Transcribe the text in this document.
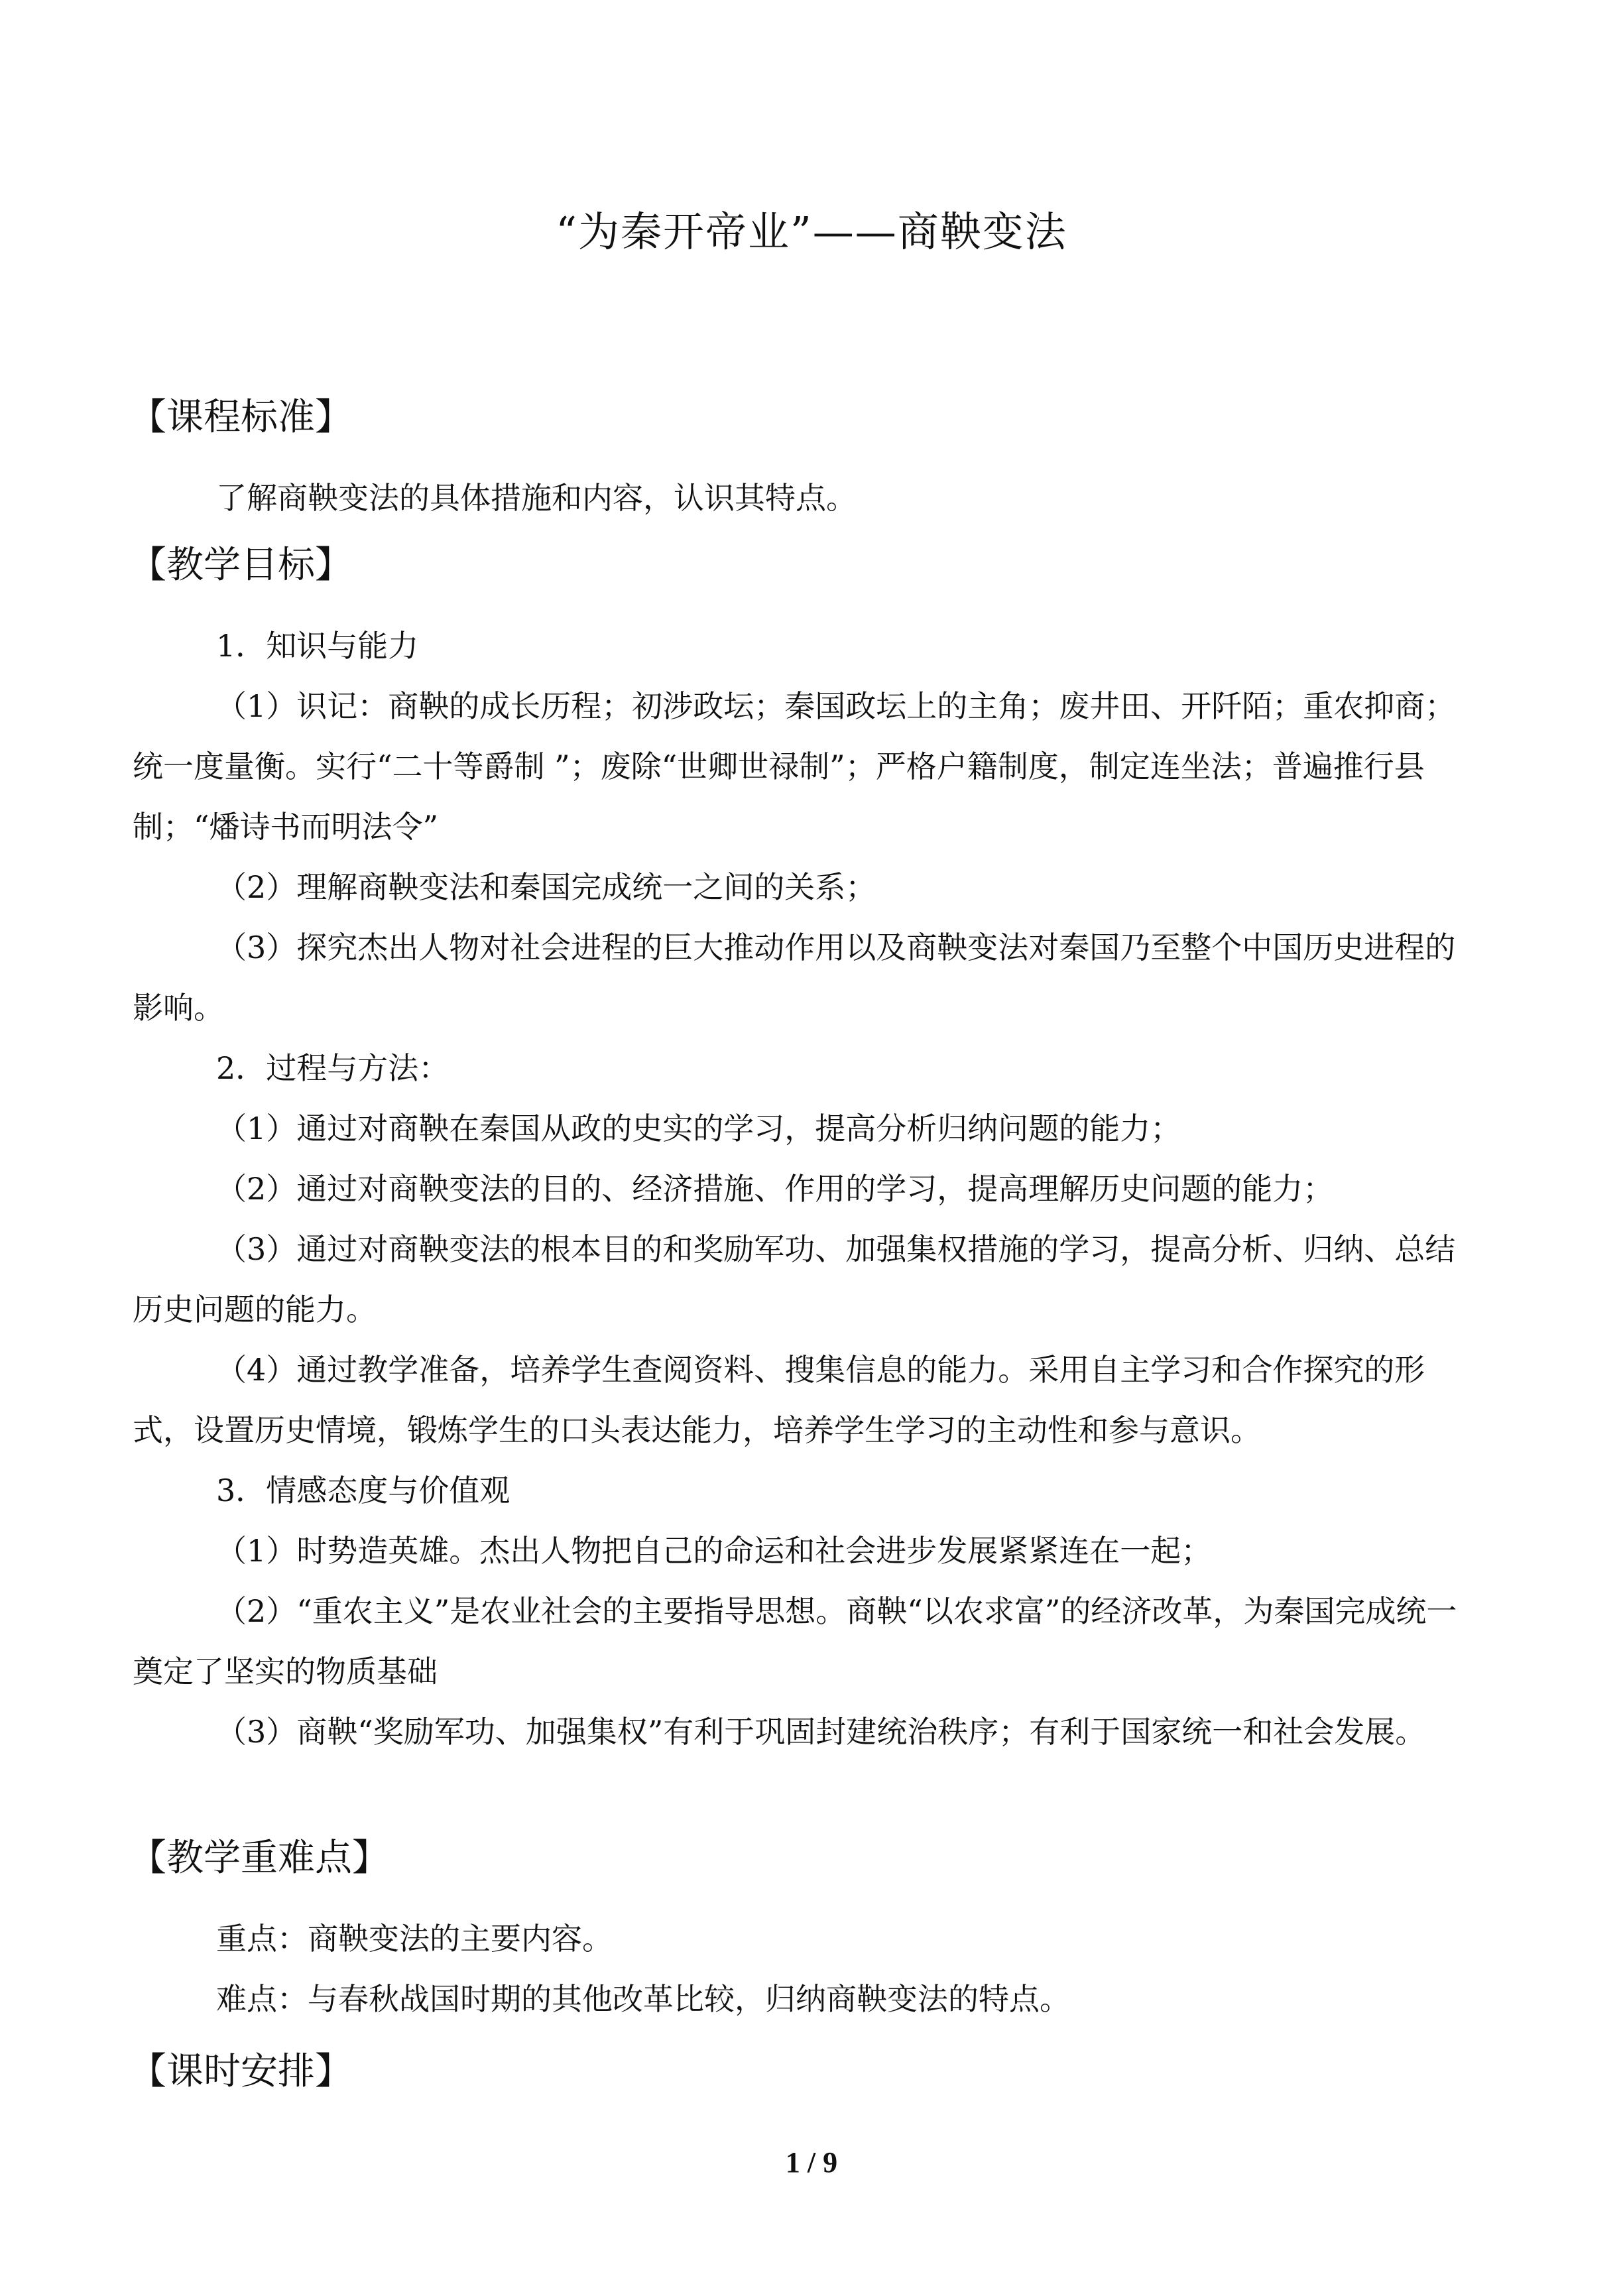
“为秦开帝业”——商鞅变法
【课程标准】
了解商鞅变法的具体措施和内容，认识其特点。
【教学目标】
1．知识与能力
（1）识记：商鞅的成长历程；初涉政坛；秦国政坛上的主角；废井田、开阡陌；重农抑商；统一度量衡。实行“二十等爵制 ”；废除“世卿世禄制”；严格户籍制度，制定连坐法；普遍推行县制；“燔诗书而明法令”
（2）理解商鞅变法和秦国完成统一之间的关系；
（3）探究杰出人物对社会进程的巨大推动作用以及商鞅变法对秦国乃至整个中国历史进程的影响。
2．过程与方法：
（1）通过对商鞅在秦国从政的史实的学习，提高分析归纳问题的能力；
（2）通过对商鞅变法的目的、经济措施、作用的学习，提高理解历史问题的能力；
（3）通过对商鞅变法的根本目的和奖励军功、加强集权措施的学习，提高分析、归纳、总结历史问题的能力。
（4）通过教学准备，培养学生查阅资料、搜集信息的能力。采用自主学习和合作探究的形式，设置历史情境，锻炼学生的口头表达能力，培养学生学习的主动性和参与意识。
3．情感态度与价值观
（1）时势造英雄。杰出人物把自己的命运和社会进步发展紧紧连在一起；
（2）“重农主义”是农业社会的主要指导思想。商鞅“以农求富”的经济改革，为秦国完成统一奠定了坚实的物质基础
（3）商鞅“奖励军功、加强集权”有利于巩固封建统治秩序；有利于国家统一和社会发展。
【教学重难点】
重点：商鞅变法的主要内容。
难点：与春秋战国时期的其他改革比较，归纳商鞅变法的特点。
【课时安排】
1 / 9
